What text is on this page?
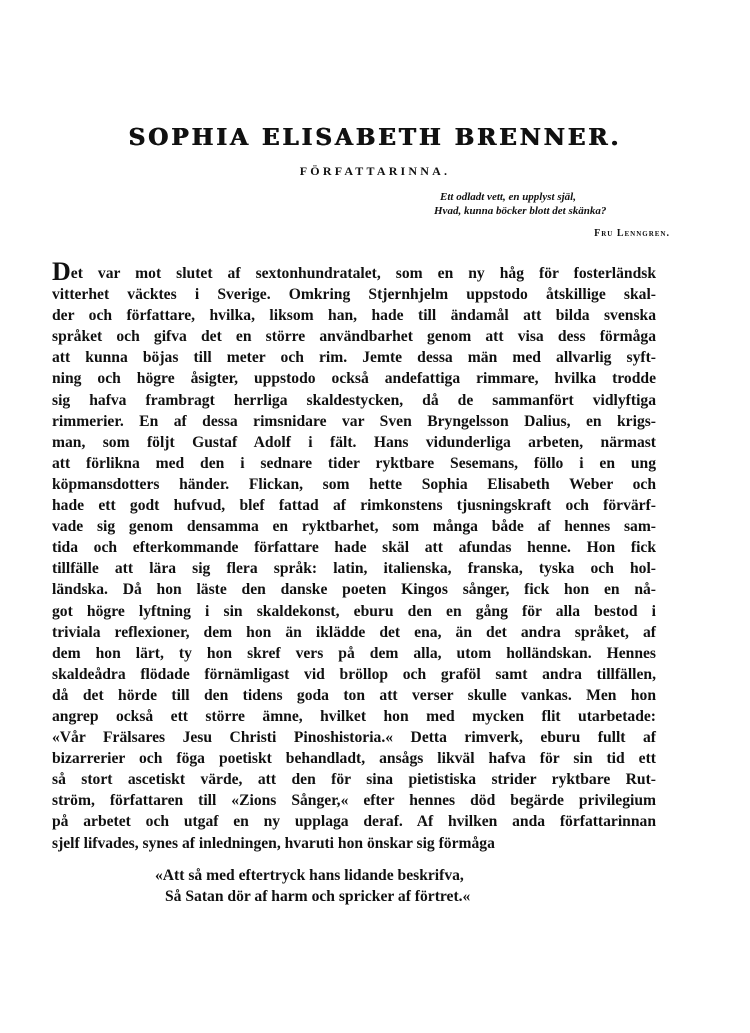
SOPHIA ELISABETH BRENNER.
FÖRFATTARINNA.
Ett odladt vett, en upplyst själ,
Hvad, kunna böcker blott det skänka?
Fru Lenngren.
Det var mot slutet af sextonhundratalet, som en ny håg för fosterländsk
vitterhet väcktes i Sverige. Omkring Stjernhjelm uppstodo åtskillige skal-
der och författare, hvilka, liksom han, hade till ändamål att bilda svenska
språket och gifva det en större användbarhet genom att visa dess förmåga
att kunna böjas till meter och rim. Jemte dessa män med allvarlig syft-
ning och högre åsigter, uppstodo också andefattiga rimmare, hvilka trodde
sig hafva frambragt herrliga skaldestycken, då de sammanfört vidlyftiga
rimmerier. En af dessa rimsnidare var Sven Bryngelsson Dalius, en krigs-
man, som följt Gustaf Adolf i fält. Hans vidunderliga arbeten, närmast
att förlikna med den i sednare tider ryktbare Sesemans, föllo i en ung
köpmansdotters händer. Flickan, som hette Sophia Elisabeth Weber och
hade ett godt hufvud, blef fattad af rimkonstens tjusningskraft och förvärf-
vade sig genom densamma en ryktbarhet, som många både af hennes sam-
tida och efterkommande författare hade skäl att afundas henne. Hon fick
tillfälle att lära sig flera språk: latin, italienska, franska, tyska och hol-
ländska. Då hon läste den danske poeten Kingos sånger, fick hon en nå-
got högre lyftning i sin skaldekonst, eburu den en gång för alla bestod i
triviala reflexioner, dem hon än iklädde det ena, än det andra språket, af
dem hon lärt, ty hon skref vers på dem alla, utom holländskan. Hennes
skaldeådra flödade förnämligast vid bröllop och graföl samt andra tillfällen,
då det hörde till den tidens goda ton att verser skulle vankas. Men hon
angrep också ett större ämne, hvilket hon med mycken flit utarbetade:
«Vår Frälsares Jesu Christi Pinoshistoria.« Detta rimverk, eburu fullt af
bizarrerier och föga poetiskt behandladt, ansågs likväl hafva för sin tid ett
så stort ascetiskt värde, att den för sina pietistiska strider ryktbare Rut-
ström, författaren till «Zions Sånger,« efter hennes död begärde privilegium
på arbetet och utgaf en ny upplaga deraf. Af hvilken anda författarinnan
sjelf lifvades, synes af inledningen, hvaruti hon önskar sig förmåga
«Att så med eftertryck hans lidande beskrifva,
Så Satan dör af harm och spricker af förtret.«
